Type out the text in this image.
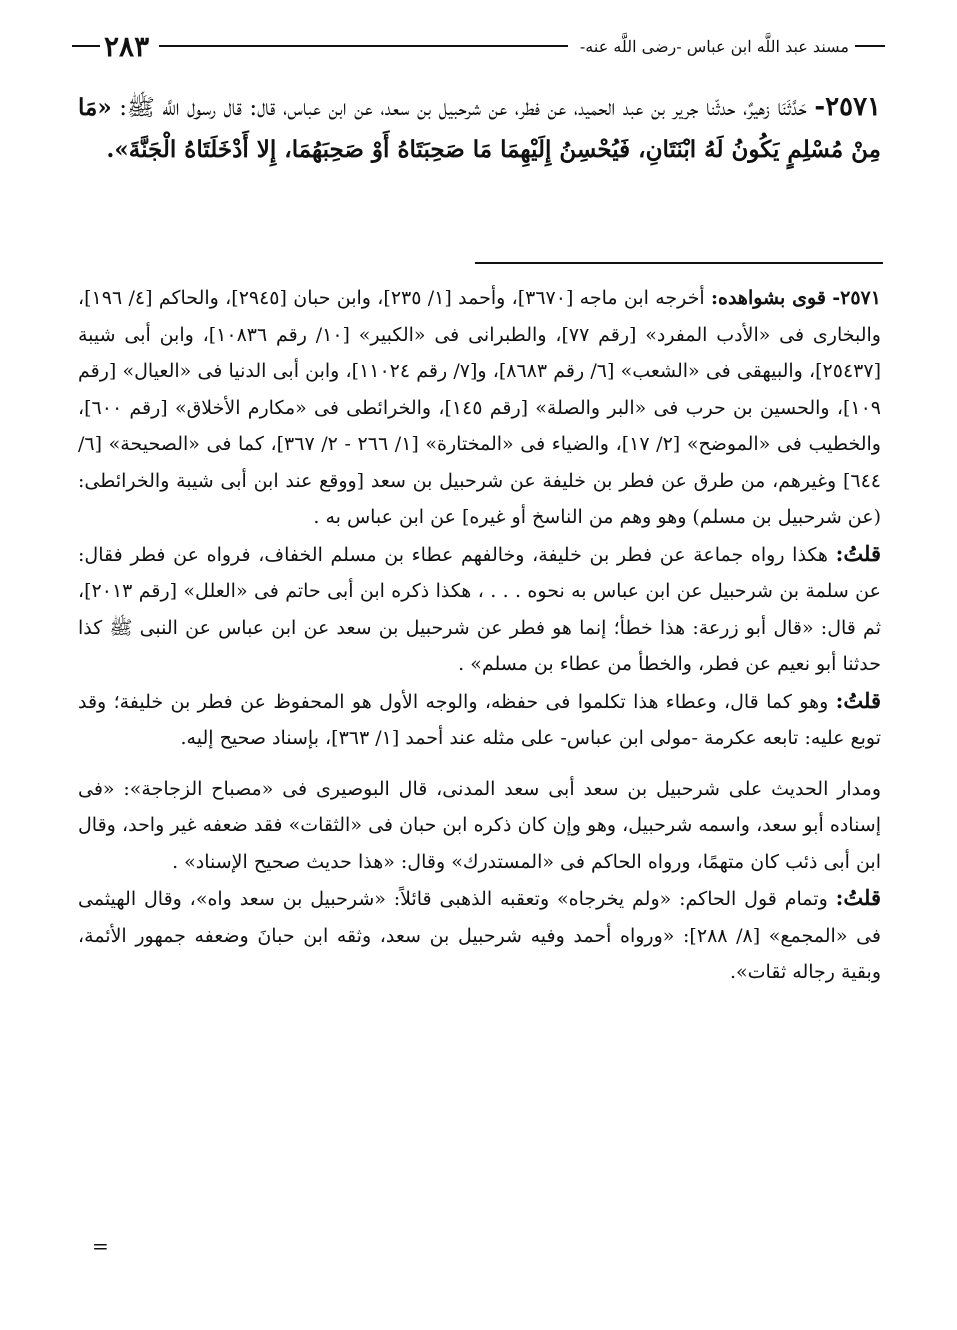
مسند عبد اللَّه ابن عباس -رضى اللَّه عنه-
٢٨٣
٢٥٧١- حَدَّثَنَا زهيرٌ، حدثّنا جرير بن عبد الحميد، عن فطر، عن شرحبيل بن سعد، عن ابن عباس، قال: قال رسول اللَّه ﷺ: «مَا مِنْ مُسْلِمٍ يَكُونُ لَهُ ابْنَتَانِ، فَيُحْسِنُ إِلَيْهِمَا مَا صَحِبَتَاهُ أَوْ صَحِبَهُمَا، إِلا أَدْخَلَتَاهُ الْجَنَّةَ».

٢٥٧١- قوى بشواهده: أخرجه ابن ماجه [٣٦٧٠]، وأحمد [١/ ٢٣٥]، وابن حبان [٢٩٤٥]، والحاكم [٤/ ١٩٦]، والبخارى فى «الأدب المفرد» [رقم ٧٧]، والطبرانى فى «الكبير» [١٠/ رقم ١٠٨٣٦]، وابن أبى شيبة [٢٥٤٣٧]، والبيهقى فى «الشعب» [٦/ رقم ٨٦٨٣]، و[٧/ رقم ١١٠٢٤]، وابن أبى الدنيا فى «العيال» [رقم ١٠٩]، والحسين بن حرب فى «البر والصلة» [رقم ١٤٥]، والخرائطى فى «مكارم الأخلاق» [رقم ٦٠٠]، والخطيب فى «الموضح» [٢/ ١٧]، والضياء فى «المختارة» [١/ ٢٦٦ - ٢/ ٣٦٧]، كما فى «الصحيحة» [٦/ ٦٤٤] وغيرهم، من طرق عن فطر بن خليفة عن شرحبيل بن سعد [ووقع عند ابن أبى شيبة والخرائطى: (عن شرحبيل بن مسلم) وهو وهم من الناسخ أو غيره] عن ابن عباس به .

قلتُ: هكذا رواه جماعة عن فطر بن خليفة، وخالفهم عطاء بن مسلم الخفاف، فرواه عن فطر فقال: عن سلمة بن شرحبيل عن ابن عباس به نحوه . . . ، هكذا ذكره ابن أبى حاتم فى «العلل» [رقم ٢٠١٣]، ثم قال: «قال أبو زرعة: هذا خطأ؛ إنما هو فطر عن شرحبيل بن سعد عن ابن عباس عن النبى ﷺ كذا حدثنا أبو نعيم عن فطر، والخطأ من عطاء بن مسلم» .

قلتُ: وهو كما قال، وعطاء هذا تكلموا فى حفظه، والوجه الأول هو المحفوظ عن فطر بن خليفة؛ وقد توبع عليه: تابعه عكرمة -مولى ابن عباس- على مثله عند أحمد [١/ ٣٦٣]، بإسناد صحيح إليه.

ومدار الحديث على شرحبيل بن سعد أبى سعد المدنى، قال البوصيرى فى «مصباح الزجاجة»: «فى إسناده أبو سعد، واسمه شرحبيل، وهو وإن كان ذكره ابن حبان فى «الثقات» فقد ضعفه غير واحد، وقال ابن أبى ذئب كان متهمًا، ورواه الحاكم فى «المستدرك» وقال: «هذا حديث صحيح الإسناد» .

قلتُ: وتمام قول الحاكم: «ولم يخرجاه» وتعقبه الذهبى قائلاً: «شرحبيل بن سعد واه»، وقال الهيثمى فى «المجمع» [٨/ ٢٨٨]: «ورواه أحمد وفيه شرحبيل بن سعد، وثقه ابن حبانَ وضعفه جمهور الأئمة، وبقية رجاله ثقات».

=
